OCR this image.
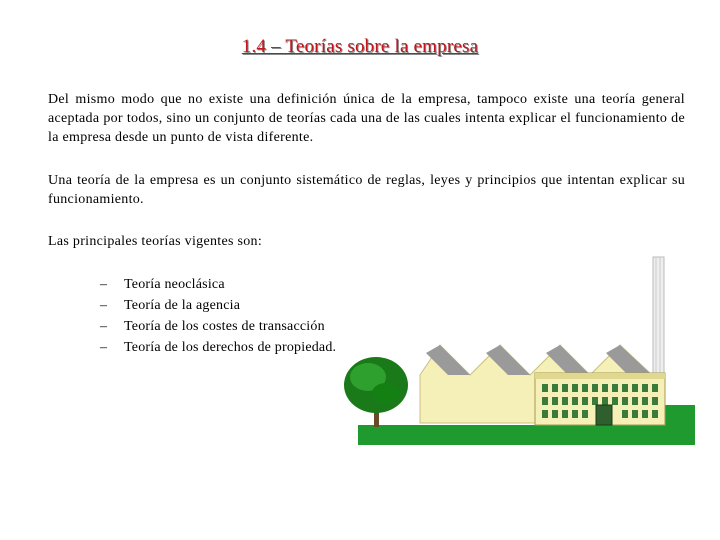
1.4 – Teorías sobre la empresa
Del mismo modo que no existe una definición única de la empresa, tampoco existe una teoría general aceptada por todos, sino un conjunto de teorías cada una de las cuales intenta explicar el funcionamiento de la empresa desde un punto de vista diferente.
Una teoría de la empresa es un conjunto sistemático de reglas, leyes y principios que intentan explicar su funcionamiento.
Las principales teorías vigentes son:
– Teoría neoclásica
– Teoría de la agencia
– Teoría de los costes de transacción
– Teoría de los derechos de propiedad.
